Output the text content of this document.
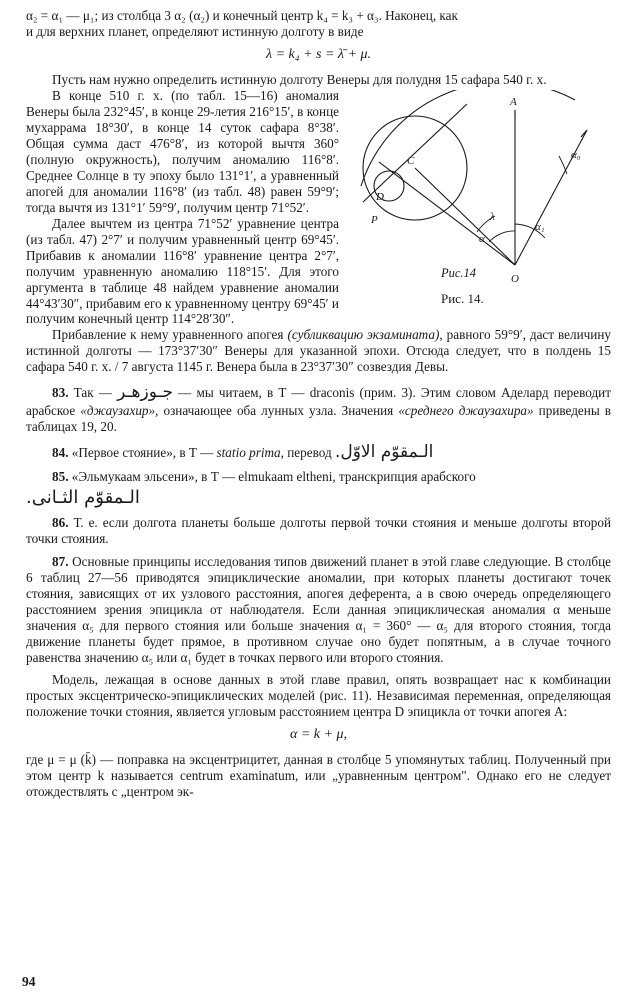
α₂ = α₁ — μ₁; из столбца 3 α₂ (α₂) и конечный центр k₄ = k₃ + α₃. Наконец, как

и для верхних планет, определяют истинную долготу в виде

λ = k₄ + s = λ̄ + μ.

Пусть нам нужно определить истинную долготу Венеры для полудня 15 сафара 540 г. х.

A
C
D
O
P	λ
α
α₁
α₀
Рис.14
Рис. 14.

В конце 510 г. х. (по табл. 15—16) аномалия Венеры была 232°45′, в конце 29-летия 216°15′, в конце мухаррама 18°30′, в конце 14 суток сафара 8°38′. Общая сумма даст 476°8′, из которой вычтя 360° (полную окружность), получим аномалию 116°8′. Среднее Солнце в ту эпоху было 131°1′, а уравненный апогей для аномалии 116°8′ (из табл. 48) равен 59°9′; тогда вычтя из 131°1′ 59°9′, получим центр 71°52′.

Далее вычтем из центра 71°52′ уравнение центра (из табл. 47) 2°7′ и получим уравненный центр 69°45′. Прибавив к аномалии 116°8′ уравнение центра 2°7′, получим уравненную аномалию 118°15′. Для этого аргумента в таблице 48 найдем уравнение аномалии 44°43′30″, прибавим его к уравненному центру 69°45′ и получим конечный центр 114°28′30″.

Прибавление к нему уравненного апогея (субликвацию экзамината), равного 59°9′, даст величину истинной долготы — 173°37′30″ Венеры для указанной эпохи. Отсюда следует, что в полдень 15 сафара 540 г. х. / 7 августа 1145 г. Венера была в 23°37′30″ созвездия Девы.

83. Так — جـوزهـر — мы читаем, в T — draconis (прим. 3). Этим словом Аделард переводит арабское «джаузахир», означающее оба лунных узла. Значения «среднего джаузахира» приведены в таблицах 19, 20.

84. «Первое стояние», в T — statio prima, перевод الـمقوّم الاوّل.

85. «Эльмукаам эльсени», в T — elmukaam eltheni, транскрипция арабского

الـمقوّم الثـانى.

86. Т. е. если долгота планеты больше долготы первой точки стояния и меньше долготы второй точки стояния.

87. Основные принципы исследования типов движений планет в этой главе следующие. В столбце 6 таблиц 27—56 приводятся эпициклические аномалии, при которых планеты достигают точек стояния, зависящих от их узлового расстояния, апогея деферента, а в свою очередь определяющего расстоянием зрения эпицикла от наблюдателя. Если данная эпициклическая аномалия α меньше значения α₅ для первого стояния или больше значения α₁ = 360° — α₅ для второго стояния, тогда движение планеты будет прямое, в противном случае оно будет попятным, а в случае точного равенства значению α₅ или α₁ будет в точках первого или второго стояния.

Модель, лежащая в основе данных в этой главе правил, опять возвращает нас к комбинации простых эксцентрическо-эпициклических моделей (рис. 11). Независимая переменная, определяющая положение точки стояния, является угловым расстоянием центра D эпицикла от точки апогея A:

α = k + μ,

где μ = μ (k̄) — поправка на эксцентрицитет, данная в столбце 5 упомянутых таблиц. Полученный при этом центр k называется centrum examinatum, или „уравненным центром". Однако его не следует отождествлять с „центром эк-

94
